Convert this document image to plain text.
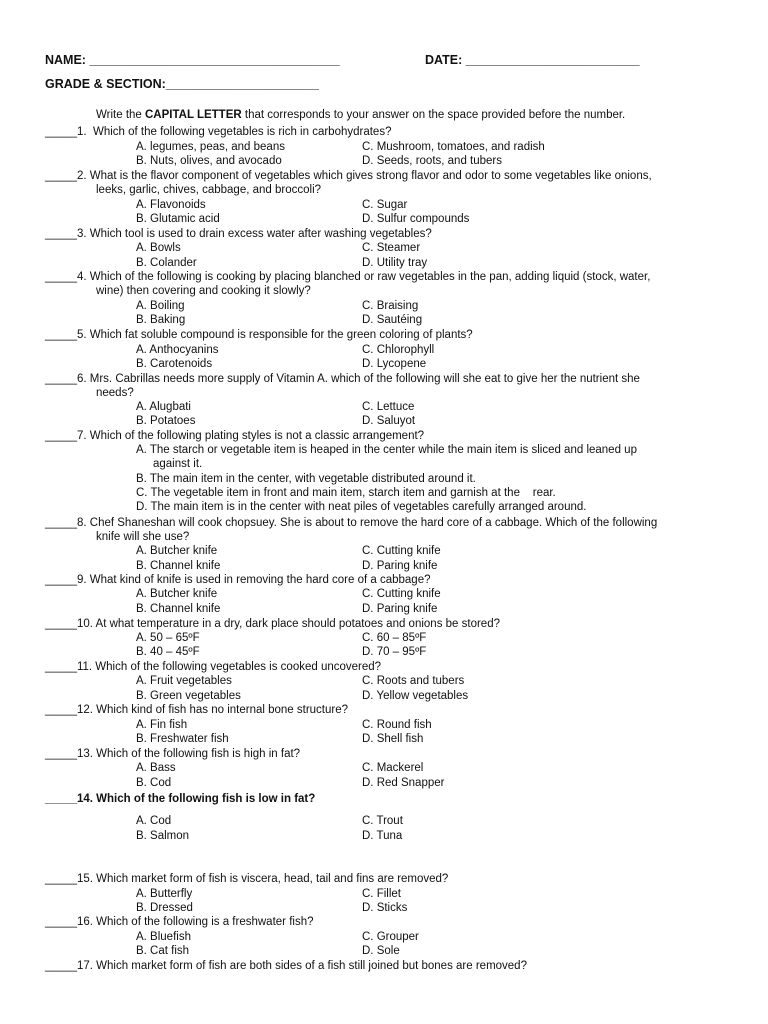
NAME: ____________________________________	DATE: _________________________
GRADE & SECTION:______________________
Write the CAPITAL LETTER that corresponds to your answer on the space provided before the number.
_____1.  Which of the following vegetables is rich in carbohydrates?
A. legumes, peas, and beans	C. Mushroom, tomatoes, and radish
B. Nuts, olives, and avocado	D. Seeds, roots, and tubers
_____2. What is the flavor component of vegetables which gives strong flavor and odor to some vegetables like onions,
leeks, garlic, chives, cabbage, and broccoli?
A. Flavonoids	C. Sugar
B. Glutamic acid	D. Sulfur compounds
_____3. Which tool is used to drain excess water after washing vegetables?
A. Bowls	C. Steamer
B. Colander	D. Utility tray
_____4. Which of the following is cooking by placing blanched or raw vegetables in the pan, adding liquid (stock, water,
wine) then covering and cooking it slowly?
A. Boiling	C. Braising
B. Baking	D. Sautéing
_____5. Which fat soluble compound is responsible for the green coloring of plants?
A. Anthocyanins	C. Chlorophyll
B. Carotenoids	D. Lycopene
_____6. Mrs. Cabrillas needs more supply of Vitamin A. which of the following will she eat to give her the nutrient she
needs?
A. Alugbati	C. Lettuce
B. Potatoes	D. Saluyot
_____7. Which of the following plating styles is not a classic arrangement?
A. The starch or vegetable item is heaped in the center while the main item is sliced and leaned up
against it.
B. The main item in the center, with vegetable distributed around it.
C. The vegetable item in front and main item, starch item and garnish at the    rear.
D. The main item is in the center with neat piles of vegetables carefully arranged around.
_____8. Chef Shaneshan will cook chopsuey. She is about to remove the hard core of a cabbage. Which of the following
knife will she use?
A. Butcher knife	C. Cutting knife
B. Channel knife	D. Paring knife
_____9. What kind of knife is used in removing the hard core of a cabbage?
A. Butcher knife	C. Cutting knife
B. Channel knife	D. Paring knife
_____10. At what temperature in a dry, dark place should potatoes and onions be stored?
A. 50 – 65ºF	C. 60 – 85ºF
B. 40 – 45ºF	D. 70 – 95ºF
_____11. Which of the following vegetables is cooked uncovered?
A. Fruit vegetables	C. Roots and tubers
B. Green vegetables	D. Yellow vegetables
_____12. Which kind of fish has no internal bone structure?
A. Fin fish	C. Round fish
B. Freshwater fish	D. Shell fish
_____13. Which of the following fish is high in fat?
A. Bass	C. Mackerel
B. Cod	D. Red Snapper
_____14. Which of the following fish is low in fat?
A. Cod	C. Trout
B. Salmon	D. Tuna
_____15. Which market form of fish is viscera, head, tail and fins are removed?
A. Butterfly	C. Fillet
B. Dressed	D. Sticks
_____16. Which of the following is a freshwater fish?
A. Bluefish	C. Grouper
B. Cat fish	D. Sole
_____17. Which market form of fish are both sides of a fish still joined but bones are removed?
